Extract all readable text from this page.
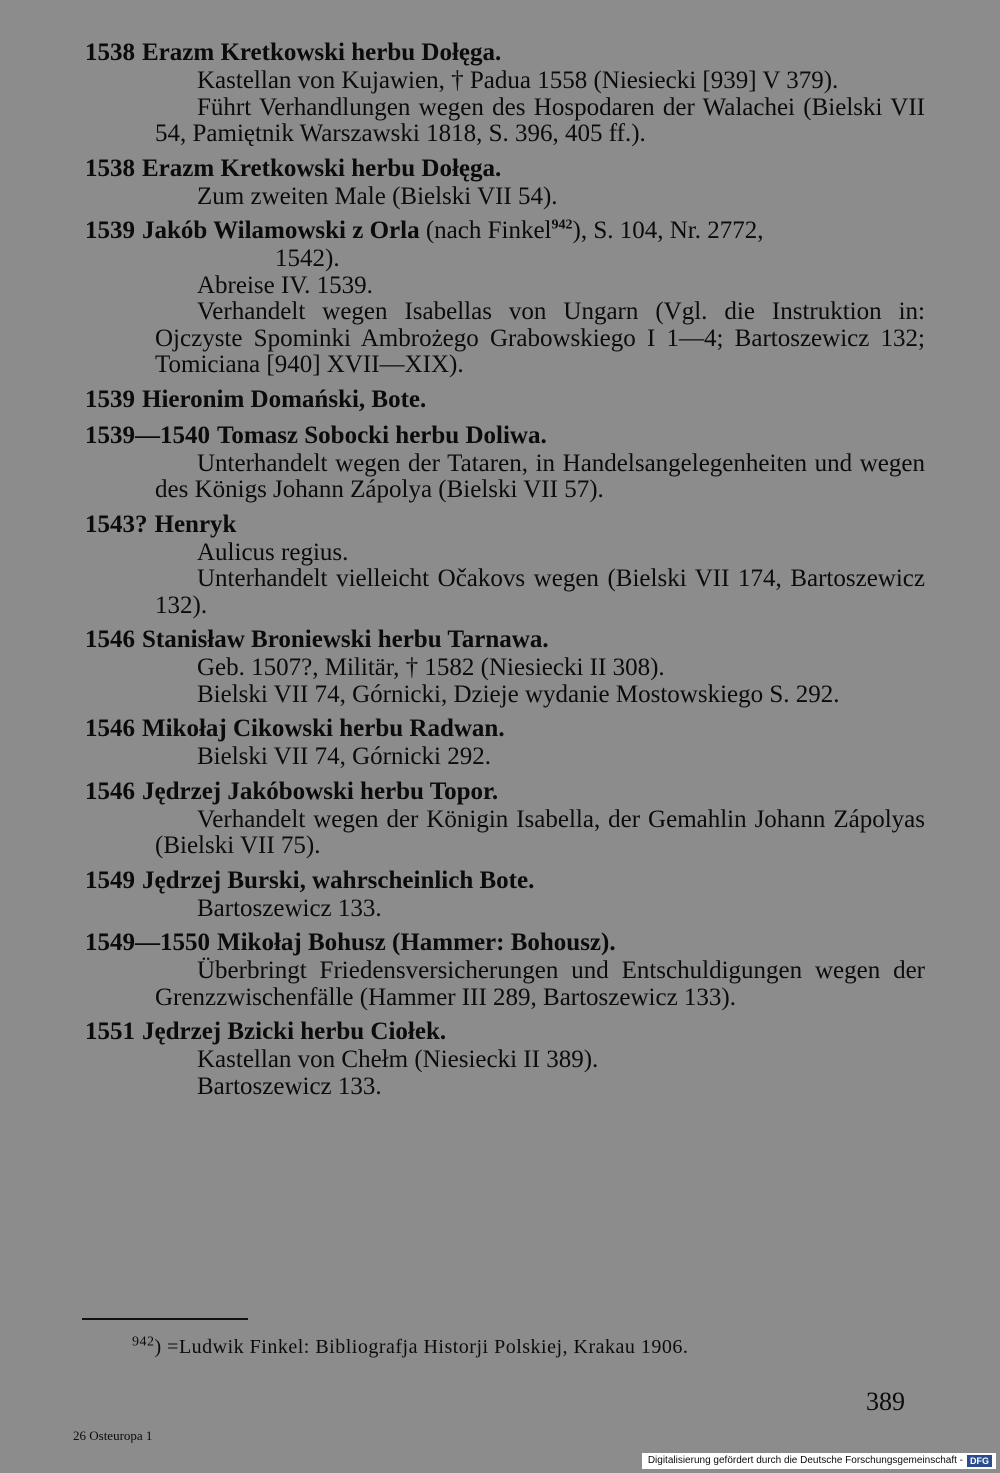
1538 Erazm Kretkowski herbu Dołęga.

Kastellan von Kujawien, † Padua 1558 (Niesiecki [939] V 379).

Führt Verhandlungen wegen des Hospodaren der Walachei (Bielski VII 54, Pamiętnik Warszawski 1818, S. 396, 405 ff.).

1538 Erazm Kretkowski herbu Dołęga.

Zum zweiten Male (Bielski VII 54).

1539 Jakób Wilamowski z Orla (nach Finkel$^{942}$), S. 104, Nr. 2772,
1542).

Abreise IV. 1539.

Verhandelt wegen Isabellas von Ungarn (Vgl. die Instruktion in: Ojczyste Spominki Ambrożego Grabowskiego I 1—4; Bartoszewicz 132; Tomiciana [940] XVII—XIX).

1539 Hieronim Domański, Bote.
1539—1540 Tomasz Sobocki herbu Doliwa.

Unterhandelt wegen der Tataren, in Handelsangelegenheiten und wegen des Königs Johann Zápolya (Bielski VII 57).

1543? Henryk

Aulicus regius.

Unterhandelt vielleicht Očakovs wegen (Bielski VII 174, Bartoszewicz 132).

1546 Stanisław Broniewski herbu Tarnawa.

Geb. 1507?, Militär, † 1582 (Niesiecki II 308).

Bielski VII 74, Górnicki, Dzieje wydanie Mostowskiego S. 292.

1546 Mikołaj Cikowski herbu Radwan.

Bielski VII 74, Górnicki 292.

1546 Jędrzej Jakóbowski herbu Topor.

Verhandelt wegen der Königin Isabella, der Gemahlin Johann Zápolyas (Bielski VII 75).

1549 Jędrzej Burski, wahrscheinlich Bote.

Bartoszewicz 133.

1549—1550 Mikołaj Bohusz (Hammer: Bohousz).

Überbringt Friedensversicherungen und Entschuldigungen wegen der Grenzzwischenfälle (Hammer III 289, Bartoszewicz 133).

1551 Jędrzej Bzicki herbu Ciołek.

Kastellan von Chełm (Niesiecki II 389).

Bartoszewicz 133.

$^{942}$) =Ludwik Finkel: Bibliografja Historji Polskiej, Krakau 1906.
389
26 Osteuropa 1
Digitalisierung gefördert durch die Deutsche Forschungsgemeinschaft - DFG
